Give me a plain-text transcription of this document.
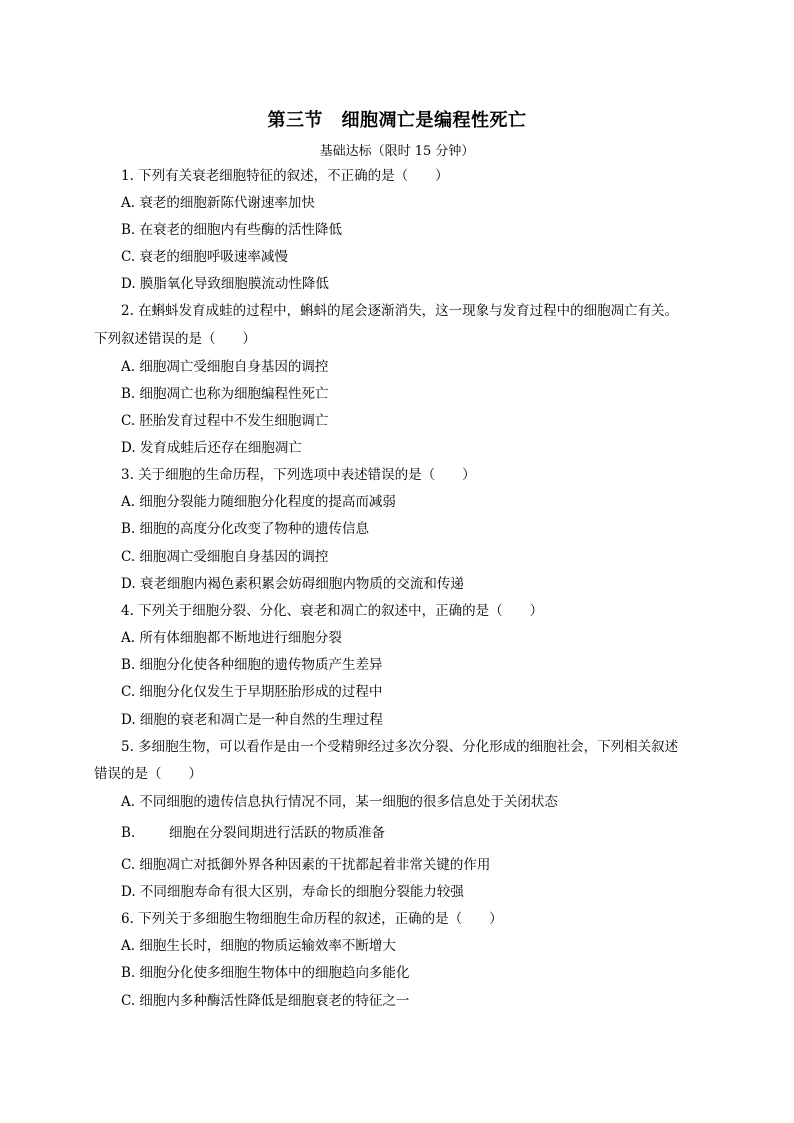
第三节　细胞凋亡是编程性死亡
基础达标（限时 15 分钟）
1. 下列有关衰老细胞特征的叙述，不正确的是（　　）
A. 衰老的细胞新陈代谢速率加快
B. 在衰老的细胞内有些酶的活性降低
C. 衰老的细胞呼吸速率减慢
D. 膜脂氧化导致细胞膜流动性降低
2. 在蝌蚪发育成蛙的过程中，蝌蚪的尾会逐渐消失，这一现象与发育过程中的细胞凋亡有关。
下列叙述错误的是（　　）
A. 细胞凋亡受细胞自身基因的调控
B. 细胞凋亡也称为细胞编程性死亡
C. 胚胎发育过程中不发生细胞调亡
D. 发育成蛙后还存在细胞凋亡
3. 关于细胞的生命历程，下列选项中表述错误的是（　　）
A. 细胞分裂能力随细胞分化程度的提高而减弱
B. 细胞的高度分化改变了物种的遗传信息
C. 细胞凋亡受细胞自身基因的调控
D. 衰老细胞内褐色素积累会妨碍细胞内物质的交流和传递
4. 下列关于细胞分裂、分化、衰老和凋亡的叙述中，正确的是（　　）
A. 所有体细胞都不断地进行细胞分裂
B. 细胞分化使各种细胞的遗传物质产生差异
C. 细胞分化仅发生于早期胚胎形成的过程中
D. 细胞的衰老和凋亡是一种自然的生理过程
5. 多细胞生物，可以看作是由一个受精卵经过多次分裂、分化形成的细胞社会，下列相关叙述
错误的是（　　）
A. 不同细胞的遗传信息执行情况不同，某一细胞的很多信息处于关闭状态
B.	细胞在分裂间期进行活跃的物质准备
C. 细胞凋亡对抵御外界各种因素的干扰都起着非常关键的作用
D. 不同细胞寿命有很大区别，寿命长的细胞分裂能力较强
6. 下列关于多细胞生物细胞生命历程的叙述，正确的是（　　）
A. 细胞生长时，细胞的物质运输效率不断增大
B. 细胞分化使多细胞生物体中的细胞趋向多能化
C. 细胞内多种酶活性降低是细胞衰老的特征之一
